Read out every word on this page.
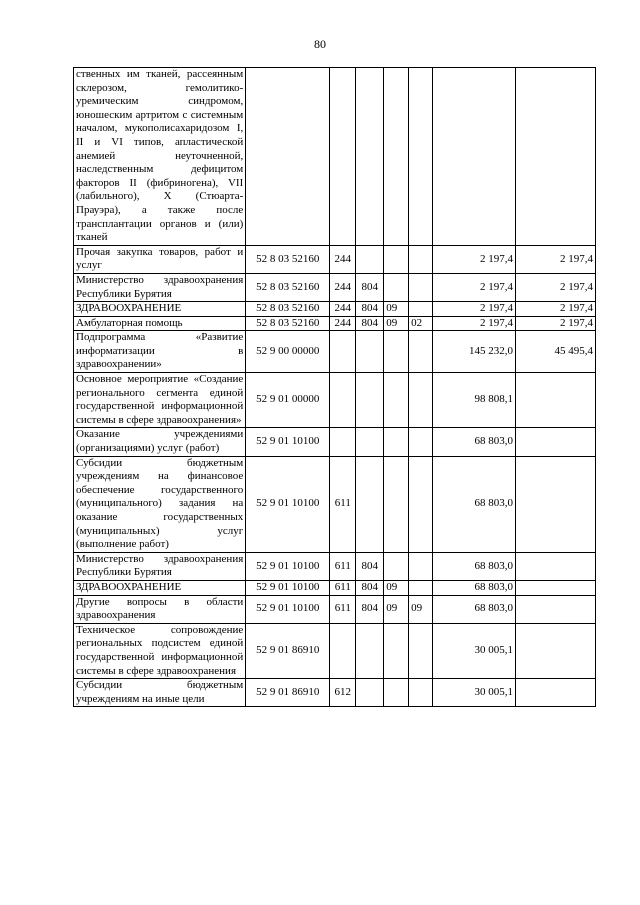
80
ственных им тканей, рассеянным склерозом, гемолитико-уремическим синдромом, юношеским артритом с системным началом, мукополисахаридозом I, II и VI типов, апластической анемией неуточненной, наследственным дефицитом факторов II (фибриногена), VII (лабильного), X (Стюарта-Прауэра), а также после трансплантации органов и (или) тканей							
Прочая закупка товаров, работ и услуг	52 8 03 52160	244				2 197,4	2 197,4
Министерство здравоохранения Республики Бурятия	52 8 03 52160	244	804			2 197,4	2 197,4
ЗДРАВООХРАНЕНИЕ	52 8 03 52160	244	804	09		2 197,4	2 197,4
Амбулаторная помощь	52 8 03 52160	244	804	09	02	2 197,4	2 197,4
Подпрограмма «Развитие информатизации в здравоохранении»	52 9 00 00000					145 232,0	45 495,4
Основное мероприятие «Создание регионального сегмента единой государственной информационной системы в сфере здравоохранения»	52 9 01 00000					98 808,1	
Оказание учреждениями (организациями) услуг (работ)	52 9 01 10100					68 803,0	
Субсидии бюджетным учреждениям на финансовое обеспечение государственного (муниципального) задания на оказание государственных (муниципальных) услуг (выполнение работ)	52 9 01 10100	611				68 803,0	
Министерство здравоохранения Республики Бурятия	52 9 01 10100	611	804			68 803,0	
ЗДРАВООХРАНЕНИЕ	52 9 01 10100	611	804	09		68 803,0	
Другие вопросы в области здравоохранения	52 9 01 10100	611	804	09	09	68 803,0	
Техническое сопровождение региональных подсистем единой государственной информационной системы в сфере здравоохранения	52 9 01 86910					30 005,1	
Субсидии бюджетным учреждениям на иные цели	52 9 01 86910	612				30 005,1	
